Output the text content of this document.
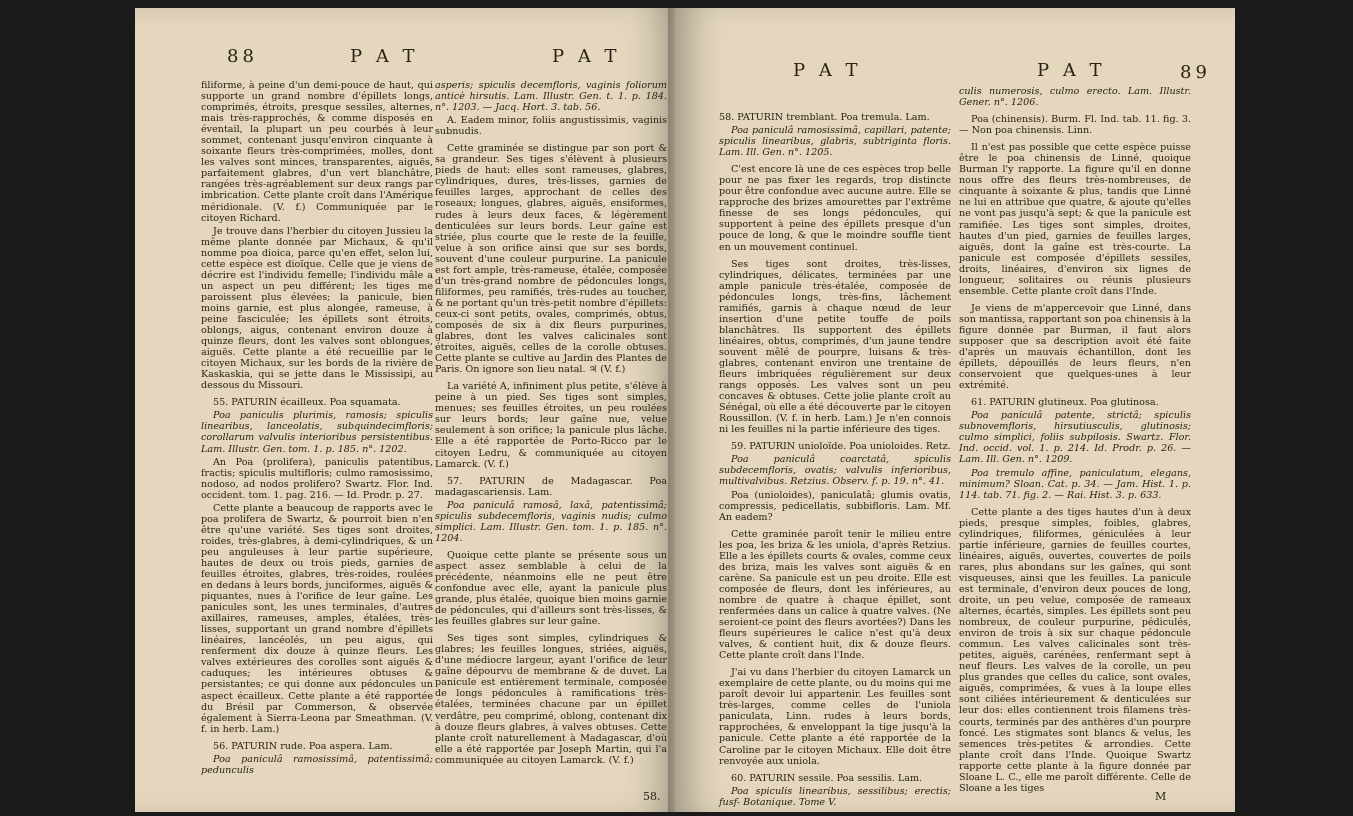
88	P A T	P A T

filiforme, à peine d'un demi-pouce de haut, qui supporte un grand nombre d'épillets longs, comprimés, étroits, presque sessiles, alternes, mais très-rapprochés, & comme disposés en éventail, la plupart un peu courbés à leur sommet, contenant jusqu'environ cinquante à soixante fleurs très-comprimées, molles, dont les valves sont minces, transparentes, aiguës, parfaitement glabres, d'un vert blanchâtre, rangées très-agréablement sur deux rangs par imbrication. Cette plante croît dans l'Amérique méridionale. (V. f.) Communiquée par le citoyen Richard.

Je trouve dans l'herbier du citoyen Jussieu la même plante donnée par Michaux, & qu'il nomme poa dioica, parce qu'en effet, selon lui, cette espèce est dioïque. Celle que je viens de décrire est l'individu femelle; l'individu mâle a un aspect un peu différent; les tiges me paroissent plus élevées; la panicule, bien moins garnie, est plus alongée, rameuse, à peine fasciculée; les épillets sont étroits, oblongs, aigus, contenant environ douze à quinze fleurs, dont les valves sont oblongues, aiguës. Cette plante a été recueillie par le citoyen Michaux, sur les bords de la rivière de Kaskaskia, qui se jette dans le Mississipi, au dessous du Missouri.

55. PATURIN écailleux. Poa squamata.

Poa paniculis plurimis, ramosis; spiculis linearibus, lanceolatis, subquindecimfloris; corollarum valvulis interioribus persistentibus. Lam. Illustr. Gen. tom. 1. p. 185. n°. 1202.

An Poa (prolifera), paniculis patentibus, fractis; spiculis multifloris; culmo ramosissimo, nodoso, ad nodos prolifero? Swartz. Flor. Ind. occident. tom. 1. pag. 216. — Id. Prodr. p. 27.

Cette plante a beaucoup de rapports avec le poa prolifera de Swartz, & pourroit bien n'en être qu'une variété. Ses tiges sont droites, roides, très-glabres, à demi-cylindriques, & un peu anguleuses à leur partie supérieure, hautes de deux ou trois pieds, garnies de feuilles étroites, glabres, très-roides, roulées en dedans à leurs bords, junciformes, aiguës & piquantes, nues à l'orifice de leur gaîne. Les panicules sont, les unes terminales, d'autres axillaires, rameuses, amples, étalées, très-lisses, supportant un grand nombre d'épillets linéaires, lancéolés, un peu aigus, qui renferment dix douze à quinze fleurs. Les valves extérieures des corolles sont aiguës & caduques; les intérieures obtuses & persistantes; ce qui donne aux pédoncules un aspect écailleux. Cette plante a été rapportée du Brésil par Commerson, & observée également à Sierra-Leona par Smeathman. (V. f. in herb. Lam.)

56. PATURIN rude. Poa aspera. Lam.

Poa paniculâ ramosissimâ, patentissimâ; pedunculis

asperis; spiculis decemfloris, vaginis foliorum anticè hirsutis. Lam. Illustr. Gen. t. 1. p. 184. n°. 1203. — Jacq. Hort. 3. tab. 56.

A. Eadem minor, foliis angustissimis, vaginis subnudis.

Cette graminée se distingue par son port & sa grandeur. Ses tiges s'élèvent à plusieurs pieds de haut: elles sont rameuses, glabres, cylindriques, dures, très-lisses, garnies de feuilles larges, approchant de celles des roseaux; longues, glabres, aiguës, ensiformes, rudes à leurs deux faces, & légèrement denticulées sur leurs bords. Leur gaîne est striée, plus courte que le reste de la feuille, velue à son orifice ainsi que sur ses bords, souvent d'une couleur purpurine. La panicule est fort ample, très-rameuse, étalée, composée d'un très-grand nombre de pédoncules longs, filiformes, peu ramifiés, très-rudes au toucher, & ne portant qu'un très-petit nombre d'épillets: ceux-ci sont petits, ovales, comprimés, obtus, composés de six à dix fleurs purpurines, glabres, dont les valves calicinales sont étroites, aiguës, celles de la corolle obtuses. Cette plante se cultive au Jardin des Plantes de Paris. On ignore son lieu natal. ♃ (V. f.)

La variété A, infiniment plus petite, s'élève à peine à un pied. Ses tiges sont simples, menues; ses feuilles étroites, un peu roulées sur leurs bords; leur gaîne nue, velue seulement à son orifice; la panicule plus lâche. Elle a été rapportée de Porto-Ricco par le citoyen Ledru, & communiquée au citoyen Lamarck. (V. f.)

57. PATURIN de Madagascar. Poa madagascariensis. Lam.

Poa paniculâ ramosâ, laxâ, patentissimâ; spiculis subdecemfloris, vaginis nudis; culmo simplici. Lam. Illustr. Gen. tom. 1. p. 185. n°. 1204.

Quoique cette plante se présente sous un aspect assez semblable à celui de la précédente, néanmoins elle ne peut être confondue avec elle, ayant la panicule plus grande, plus étalée, quoique bien moins garnie de pédoncules, qui d'ailleurs sont très-lisses, & les feuilles glabres sur leur gaîne.

Ses tiges sont simples, cylindriques & glabres; les feuilles longues, striées, aiguës, d'une médiocre largeur, ayant l'orifice de leur gaîne dépourvu de membrane & de duvet. La panicule est entièrement terminale, composée de longs pédoncules à ramifications très-étalées, terminées chacune par un épillet verdâtre, peu comprimé, oblong, contenant dix à douze fleurs glabres, à valves obtuses. Cette plante croît naturellement à Madagascar, d'où elle a été rapportée par Joseph Martin, qui l'a communiquée au citoyen Lamarck. (V. f.)

58.
P A T	P A T	89

58. PATURIN tremblant. Poa tremula. Lam.

Poa paniculâ ramosissimâ, capillari, patente; spiculis linearibus, glabris, subtriginta floris. Lam. Ill. Gen. n°. 1205.

C'est encore là une de ces espèces trop belle pour ne pas fixer les regards, trop distincte pour être confondue avec aucune autre. Elle se rapproche des brizes amourettes par l'extrême finesse de ses longs pédoncules, qui supportent à peine des épillets presque d'un pouce de long, & que le moindre souffle tient en un mouvement continuel.

Ses tiges sont droites, très-lisses, cylindriques, délicates, terminées par une ample panicule très-étalée, composée de pédoncules longs, très-fins, lâchement ramifiés, garnis à chaque nœud de leur insertion d'une petite touffe de poils blanchâtres. Ils supportent des épillets linéaires, obtus, comprimés, d'un jaune tendre souvent mêlé de pourpre, luisans & très-glabres, contenant environ une trentaine de fleurs imbriquées régulièrement sur deux rangs opposés. Les valves sont un peu concaves & obtuses. Cette jolie plante croît au Sénégal, où elle a été découverte par le citoyen Roussillon. (V. f. in herb. Lam.) Je n'en connois ni les feuilles ni la partie inférieure des tiges.

59. PATURIN unioloïde. Poa unioloides. Retz.

Poa paniculâ coarctatâ, spiculis subdecemfloris, ovatis; valvulis inferioribus, multivalvibus. Retzius. Observ. f. p. 19. n°. 41.

Poa (unioloides), paniculatâ; glumis ovatis, compressis, pedicellatis, subbifloris. Lam. Mf. An eadem?

Cette graminée paroît tenir le milieu entre les poa, les briza & les uniola, d'après Retzius. Elle a les épillets courts & ovales, comme ceux des briza, mais les valves sont aiguës & en carène. Sa panicule est un peu droite. Elle est composée de fleurs, dont les inférieures, au nombre de quatre à chaque épillet, sont renfermées dans un calice à quatre valves. (Ne seroient-ce point des fleurs avortées?) Dans les fleurs supérieures le calice n'est qu'à deux valves, & contient huit, dix & douze fleurs. Cette plante croît dans l'Inde.

J'ai vu dans l'herbier du citoyen Lamarck un exemplaire de cette plante, ou du moins qui me paroît devoir lui appartenir. Les feuilles sont très-larges, comme celles de l'uniola paniculata, Linn. rudes à leurs bords, rapprochées, & enveloppant la tige jusqu'à la panicule. Cette plante a été rapportée de la Caroline par le citoyen Michaux. Elle doit être renvoyée aux uniola.

60. PATURIN sessile. Poa sessilis. Lam.

Poa spiculis linearibus, sessilibus; erectis; fusf- Botanique. Tome V.

culis numerosis, culmo erecto. Lam. Illustr. Gener. n°. 1206.

Poa (chinensis). Burm. Fl. Ind. tab. 11. fig. 3. — Non poa chinensis. Linn.

Il n'est pas possible que cette espèce puisse être le poa chinensis de Linné, quoique Burman l'y rapporte. La figure qu'il en donne nous offre des fleurs très-nombreuses, de cinquante à soixante & plus, tandis que Linné ne lui en attribue que quatre, & ajoute qu'elles ne vont pas jusqu'à sept; & que la panicule est ramifiée. Les tiges sont simples, droites, hautes d'un pied, garnies de feuilles larges, aiguës, dont la gaîne est très-courte. La panicule est composée d'épillets sessiles, droits, linéaires, d'environ six lignes de longueur, solitaires ou réunis plusieurs ensemble. Cette plante croît dans l'Inde.

Je viens de m'appercevoir que Linné, dans son mantissa, rapportant son poa chinensis à la figure donnée par Burman, il faut alors supposer que sa description avoit été faite d'après un mauvais échantillon, dont les épillets, dépouillés de leurs fleurs, n'en conservoient que quelques-unes à leur extrémité.

61. PATURIN glutineux. Poa glutinosa.

Poa paniculâ patente, strictâ; spiculis subnovemfloris, hirsutiusculis, glutinosis; culmo simplici, foliis subpilosis. Swartz. Flor. Ind. occid. vol. 1. p. 214. Id. Prodr. p. 26. — Lam. Ill. Gen. n°. 1209.

Poa tremulo affine, paniculatum, elegans, minimum? Sloan. Cat. p. 34. — Jam. Hist. 1. p. 114. tab. 71. fig. 2. — Rai. Hist. 3. p. 633.

Cette plante a des tiges hautes d'un à deux pieds, presque simples, foibles, glabres, cylindriques, filiformes, géniculées à leur partie inférieure, garnies de feuilles courtes, linéaires, aiguës, ouvertes, couvertes de poils rares, plus abondans sur les gaînes, qui sont visqueuses, ainsi que les feuilles. La panicule est terminale, d'environ deux pouces de long, droite, un peu velue, composée de rameaux alternes, écartés, simples. Les épillets sont peu nombreux, de couleur purpurine, pédiculés, environ de trois à six sur chaque pédoncule commun. Les valves calicinales sont très-petites, aiguës, carénées, renfermant sept à neuf fleurs. Les valves de la corolle, un peu plus grandes que celles du calice, sont ovales, aiguës, comprimées, & vues à la loupe elles sont ciliées intérieurement & denticulées sur leur dos: elles contiennent trois filamens très-courts, terminés par des anthères d'un pourpre foncé. Les stigmates sont blancs & velus, les semences très-petites & arrondies. Cette plante croît dans l'Inde. Quoique Swartz rapporte cette plante à la figure donnée par Sloane L. C., elle me paroît différente. Celle de Sloane a les tiges

M
